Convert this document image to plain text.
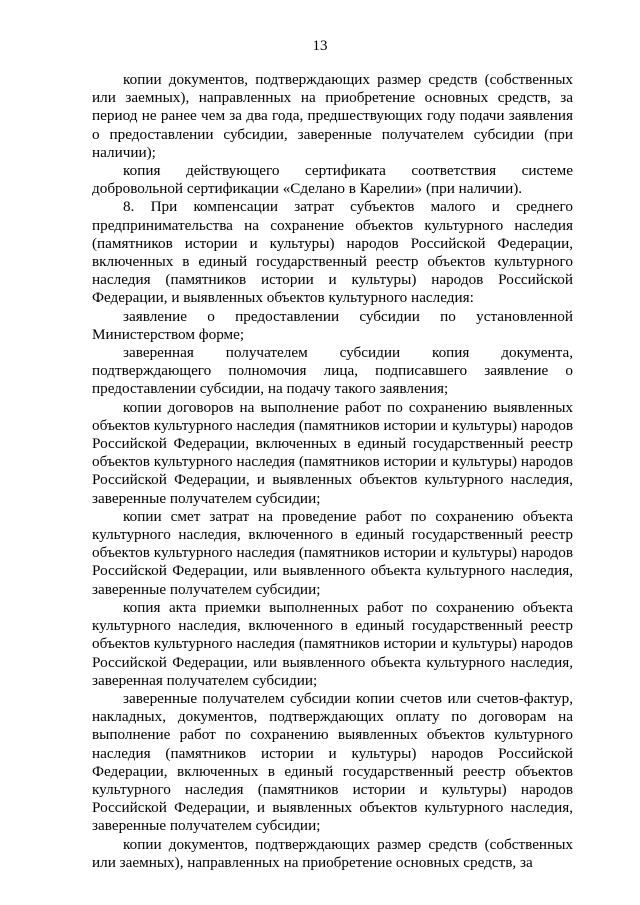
13

копии документов, подтверждающих размер средств (собственных или заемных), направленных на приобретение основных средств, за период не ранее чем за два года, предшествующих году подачи заявления о предоставлении субсидии, заверенные получателем субсидии (при наличии);

копия действующего сертификата соответствия системе добровольной сертификации «Сделано в Карелии» (при наличии).

8. При компенсации затрат субъектов малого и среднего предпринимательства на сохранение объектов культурного наследия (памятников истории и культуры) народов Российской Федерации, включенных в единый государственный реестр объектов культурного наследия (памятников истории и культуры) народов Российской Федерации, и выявленных объектов культурного наследия:

заявление о предоставлении субсидии по установленной Министерством форме;

заверенная получателем субсидии копия документа, подтверждающего полномочия лица, подписавшего заявление о предоставлении субсидии, на подачу такого заявления;

копии договоров на выполнение работ по сохранению выявленных объектов культурного наследия (памятников истории и культуры) народов Российской Федерации, включенных в единый государственный реестр объектов культурного наследия (памятников истории и культуры) народов Российской Федерации, и выявленных объектов культурного наследия, заверенные получателем субсидии;

копии смет затрат на проведение работ по сохранению объекта культурного наследия, включенного в единый государственный реестр объектов культурного наследия (памятников истории и культуры) народов Российской Федерации, или выявленного объекта культурного наследия, заверенные получателем субсидии;

копия акта приемки выполненных работ по сохранению объекта культурного наследия, включенного в единый государственный реестр объектов культурного наследия (памятников истории и культуры) народов Российской Федерации, или выявленного объекта культурного наследия, заверенная получателем субсидии;

заверенные получателем субсидии копии счетов или счетов-фактур, накладных, документов, подтверждающих оплату по договорам на выполнение работ по сохранению выявленных объектов культурного наследия (памятников истории и культуры) народов Российской Федерации, включенных в единый государственный реестр объектов культурного наследия (памятников истории и культуры) народов Российской Федерации, и выявленных объектов культурного наследия, заверенные получателем субсидии;

копии документов, подтверждающих размер средств (собственных или заемных), направленных на приобретение основных средств, за
